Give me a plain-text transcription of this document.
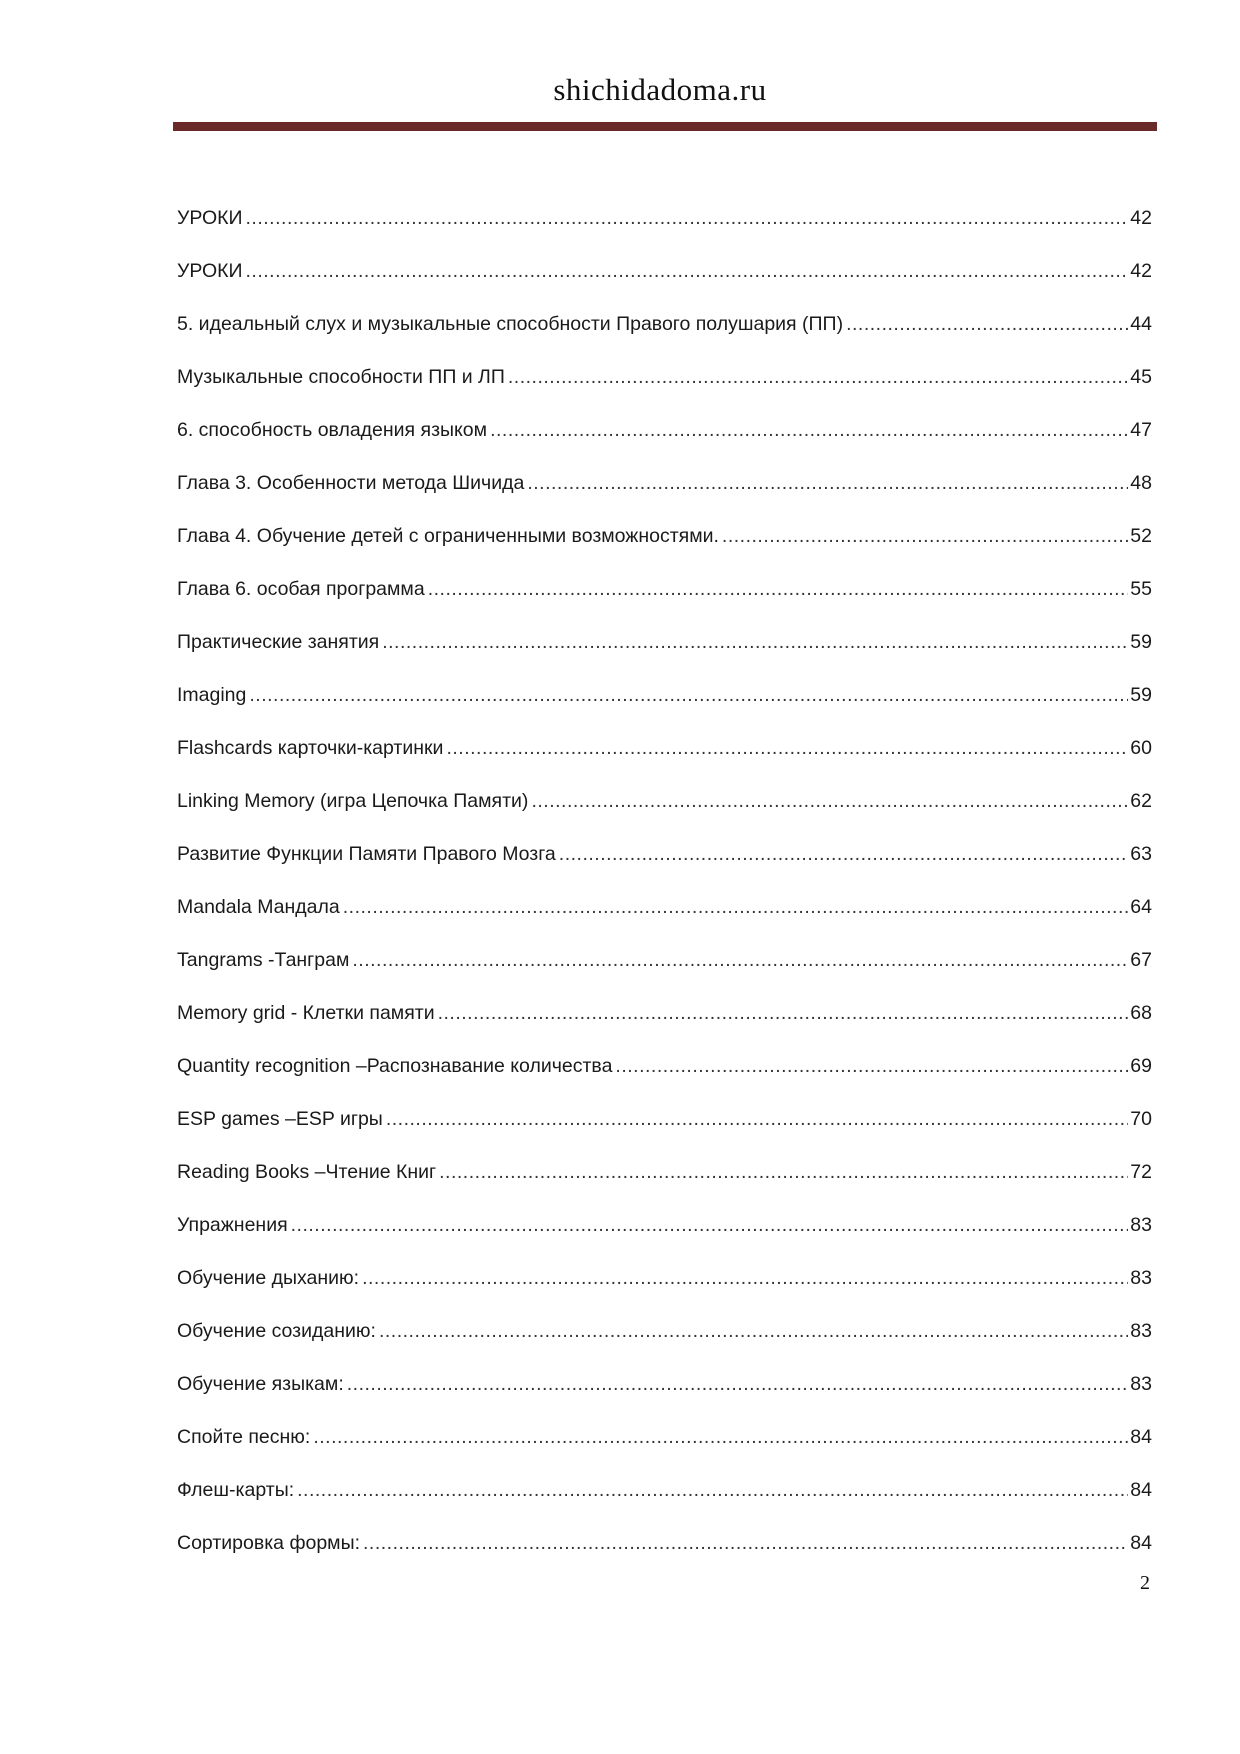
shichidadoma.ru
УРОКИ .....	42
УРОКИ .....	42
5. идеальный слух и музыкальные способности Правого полушария (ПП) .....	44
Музыкальные способности ПП и ЛП .....	45
6. способность овладения языком .....	47
Глава 3. Особенности метода Шичида .....	48
Глава 4. Обучение детей с ограниченными возможностями. .....	52
Глава 6. особая программа .....	55
Практические занятия .....	59
Imaging .....	59
Flashcards карточки-картинки .....	60
Linking Memory (игра Цепочка Памяти) .....	62
Развитие Функции Памяти Правого Мозга .....	63
Mandala Мандала .....	64
Tangrams -Танграм .....	67
Memory grid - Клетки памяти .....	68
Quantity recognition –Распознавание количества .....	69
ESP games –ESP игры .....	70
Reading Books –Чтение Книг .....	72
Упражнения .....	83
Обучение дыханию: .....	83
Обучение созиданию: .....	83
Обучение языкам: .....	83
Спойте песню: .....	84
Флеш-карты: .....	84
Сортировка формы: .....	84
2
